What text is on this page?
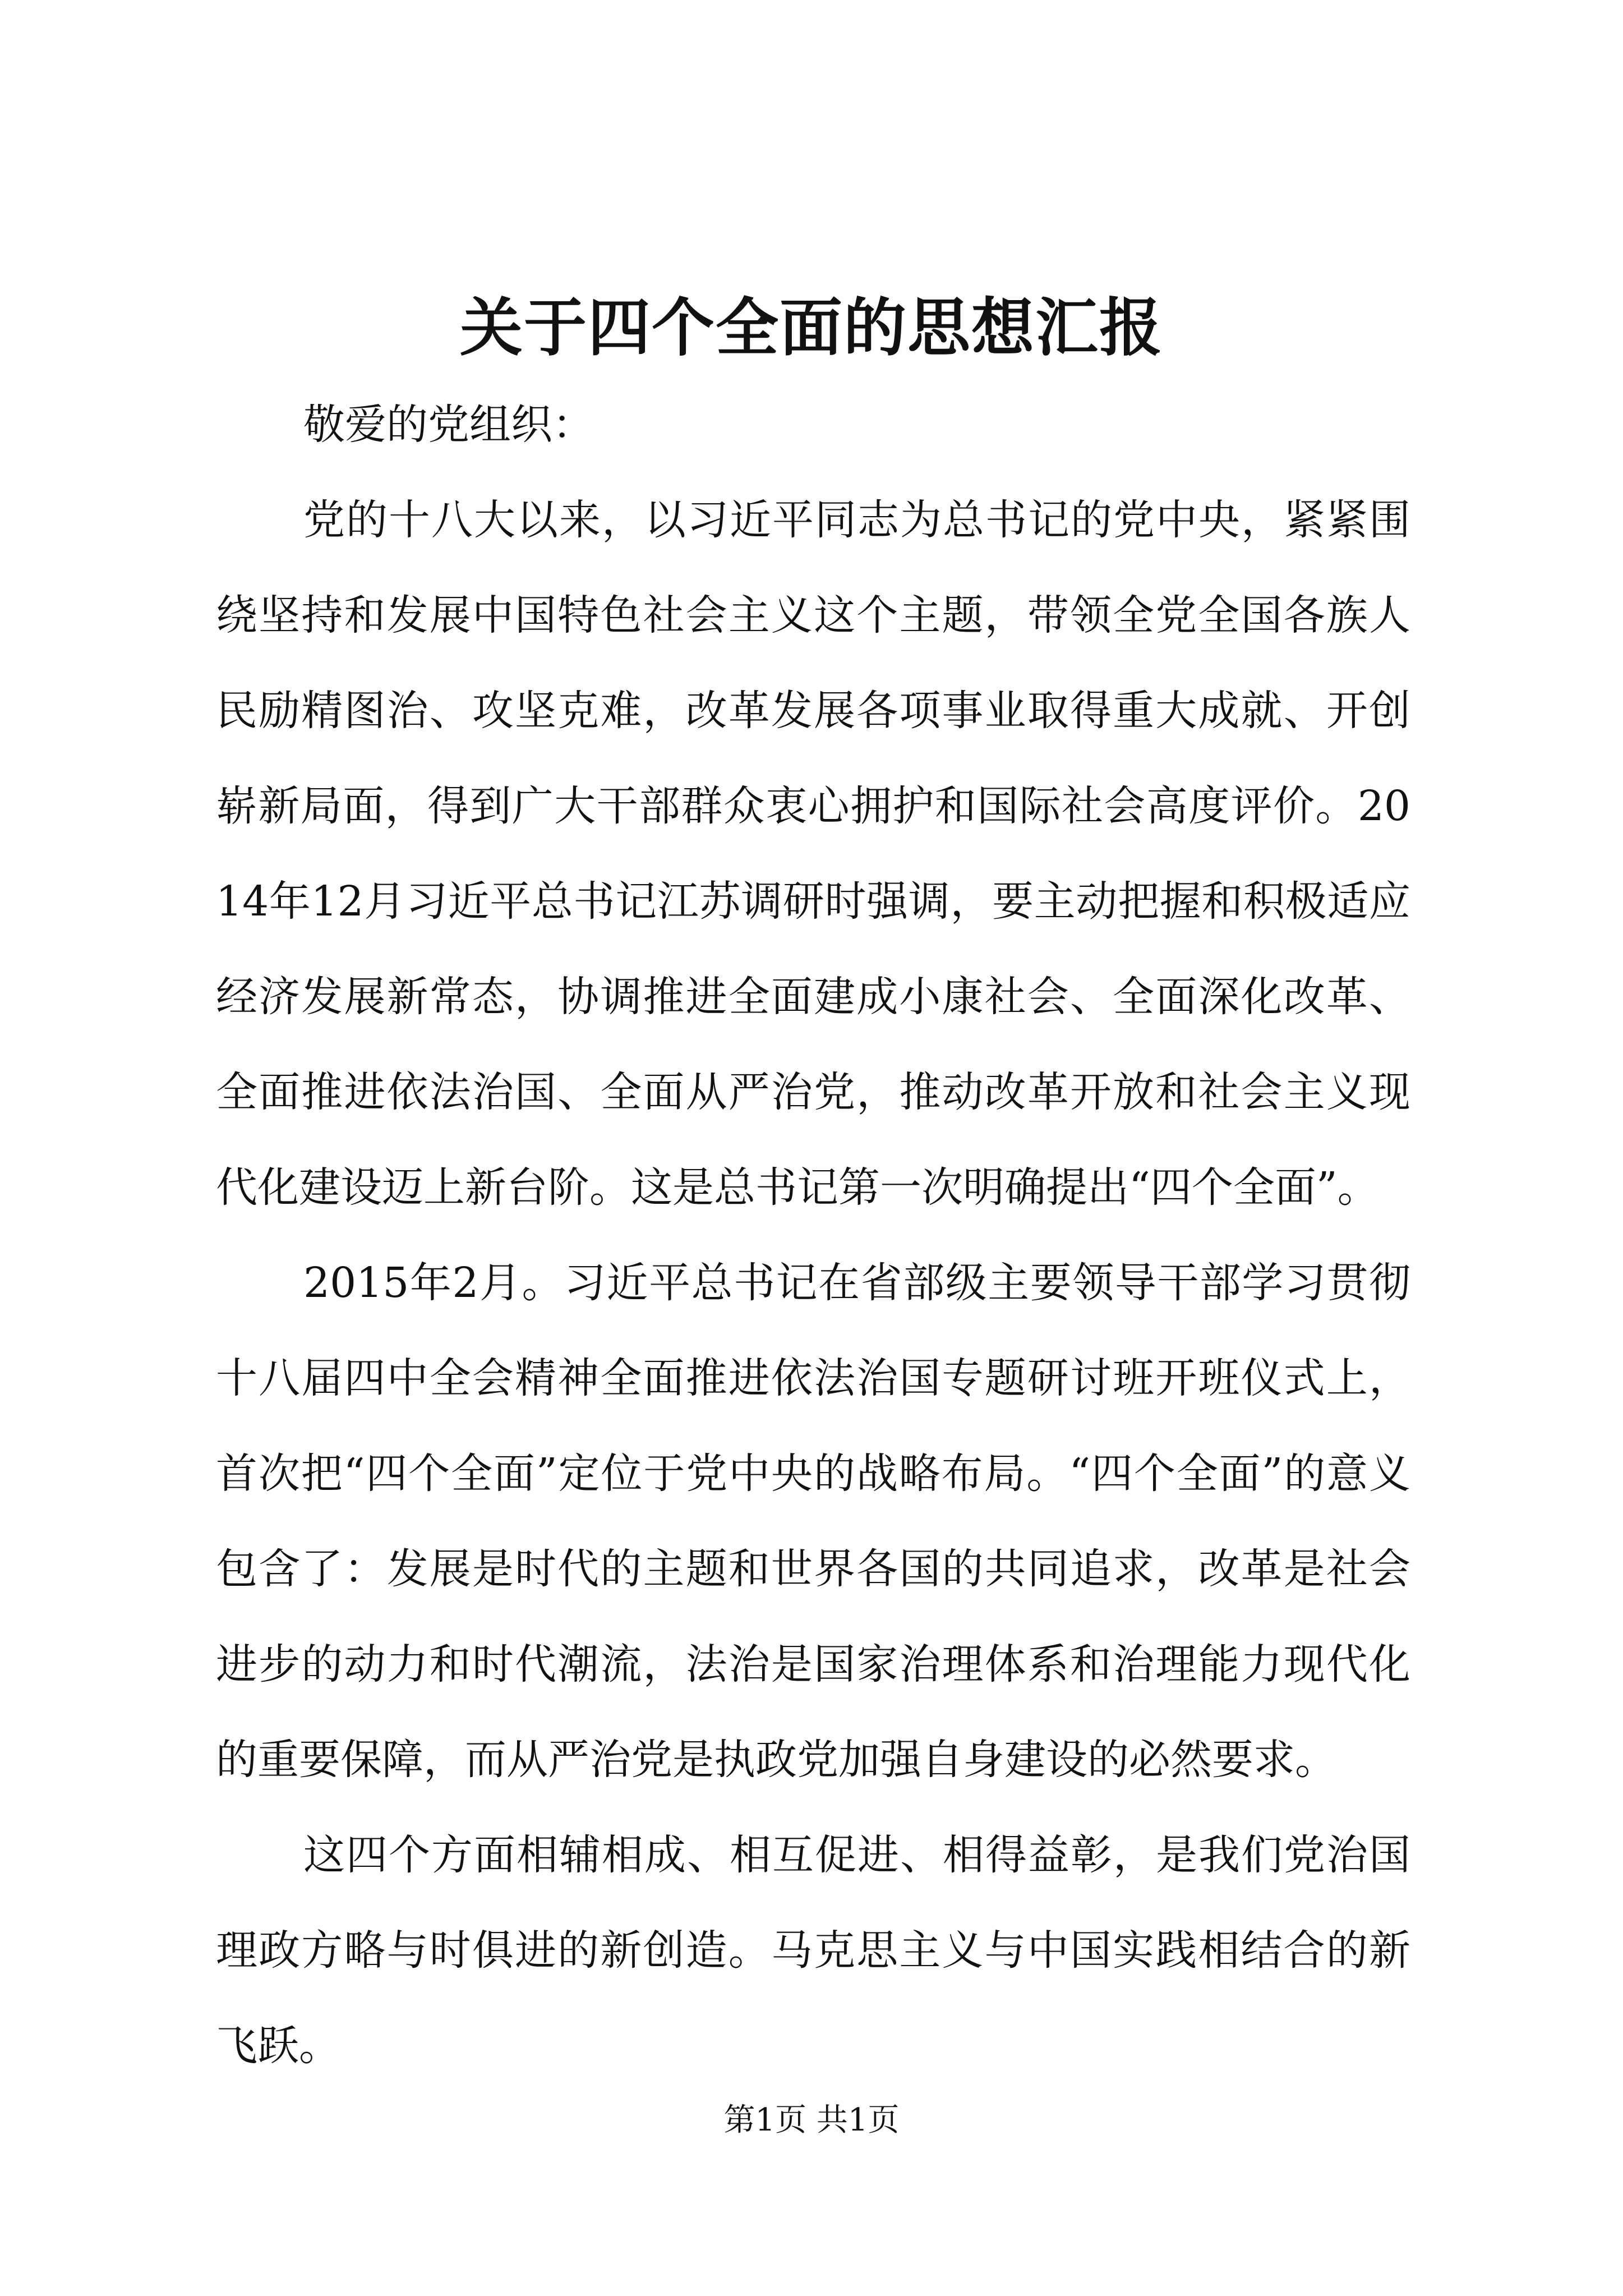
关于四个全面的思想汇报

敬爱的党组织：

党的十八大以来，以习近平同志为总书记的党中央，紧紧围绕坚持和发展中国特色社会主义这个主题，带领全党全国各族人民励精图治、攻坚克难，改革发展各项事业取得重大成就、开创崭新局面，得到广大干部群众衷心拥护和国际社会高度评价。2014年12月习近平总书记江苏调研时强调，要主动把握和积极适应经济发展新常态，协调推进全面建成小康社会、全面深化改革、全面推进依法治国、全面从严治党，推动改革开放和社会主义现代化建设迈上新台阶。这是总书记第一次明确提出“四个全面”。

2015年2月。习近平总书记在省部级主要领导干部学习贯彻十八届四中全会精神全面推进依法治国专题研讨班开班仪式上，首次把“四个全面”定位于党中央的战略布局。“四个全面”的意义包含了：发展是时代的主题和世界各国的共同追求，改革是社会进步的动力和时代潮流，法治是国家治理体系和治理能力现代化的重要保障，而从严治党是执政党加强自身建设的必然要求。

这四个方面相辅相成、相互促进、相得益彰，是我们党治国理政方略与时俱进的新创造。马克思主义与中国实践相结合的新飞跃。

第1页 共1页
